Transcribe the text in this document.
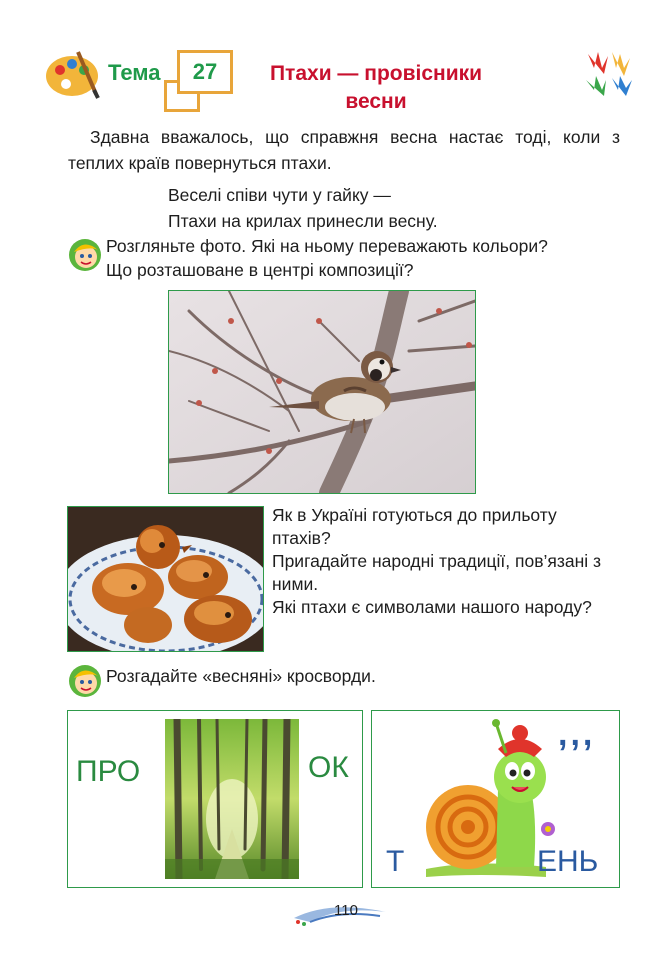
Тема	27	Птахи — провісники
весни
Здавна вважалось, що справжня весна настає тоді, коли з теплих країв повернуться птахи.
Веселі співи чути у гайку —
Птахи на крилах принесли весну.
Розгляньте фото. Які на ньому переважають кольори?
Що розташоване в центрі композиції?

Як в Україні готуються до прильоту птахів?

Пригадайте народні традиції, пов’язані з ними.

Які птахи є символами нашого народу?

Розгадайте «весняні» кросворди.
ПРО	ОК
,,,
Т	ЕНЬ
110
